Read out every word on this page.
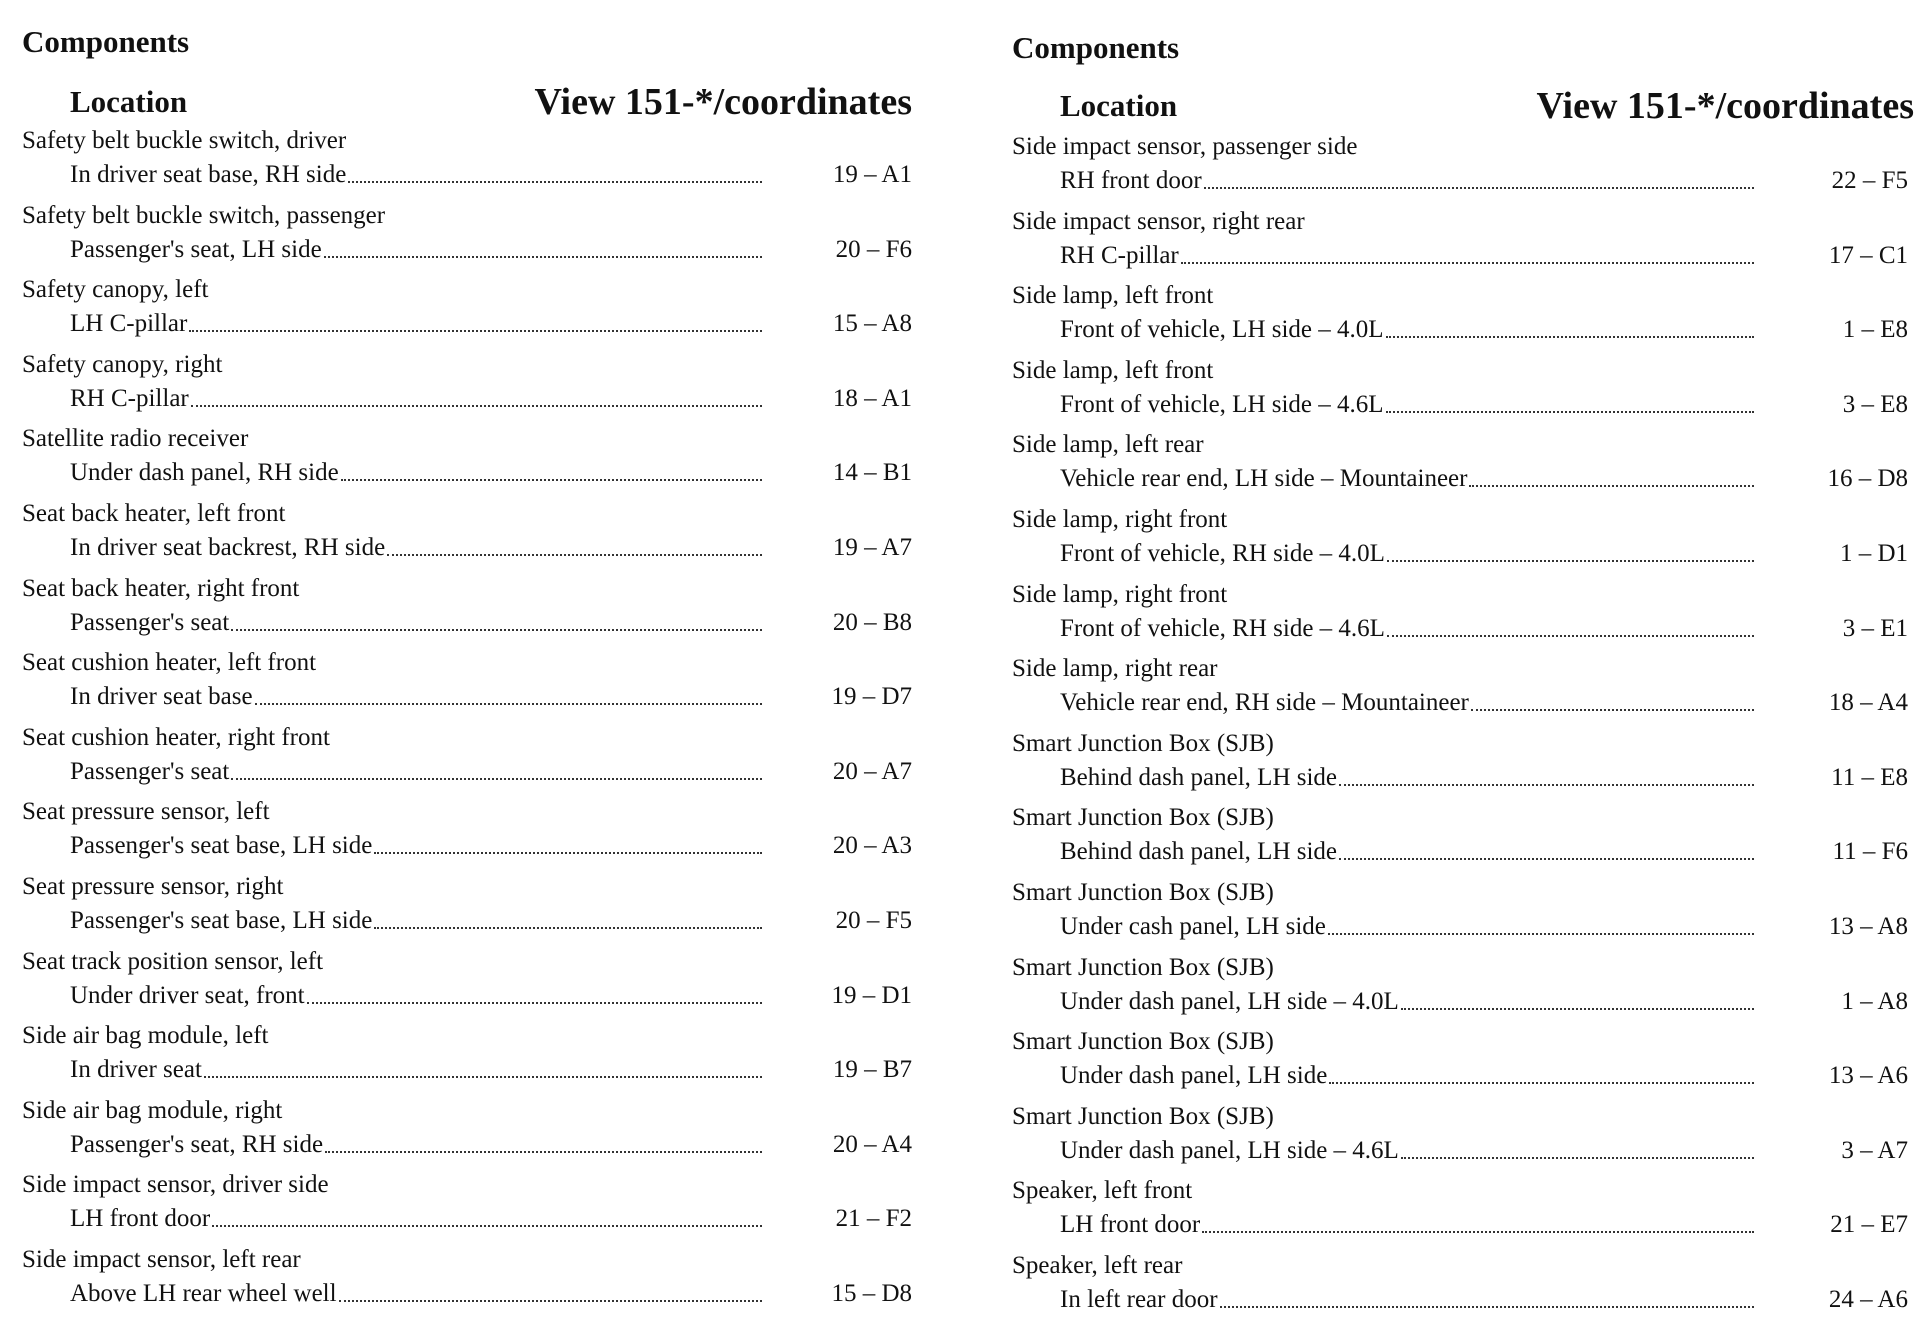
Components
Location	View 151-*/coordinates
Safety belt buckle switch, driver
In driver seat base, RH side	19 – A1
Safety belt buckle switch, passenger
Passenger's seat, LH side	20 – F6
Safety canopy, left
LH C-pillar	15 – A8
Safety canopy, right
RH C-pillar	18 – A1
Satellite radio receiver
Under dash panel, RH side	14 – B1
Seat back heater, left front
In driver seat backrest, RH side	19 – A7
Seat back heater, right front
Passenger's seat	20 – B8
Seat cushion heater, left front
In driver seat base	19 – D7
Seat cushion heater, right front
Passenger's seat	20 – A7
Seat pressure sensor, left
Passenger's seat base, LH side	20 – A3
Seat pressure sensor, right
Passenger's seat base, LH side	20 – F5
Seat track position sensor, left
Under driver seat, front	19 – D1
Side air bag module, left
In driver seat	19 – B7
Side air bag module, right
Passenger's seat, RH side	20 – A4
Side impact sensor, driver side
LH front door	21 – F2
Side impact sensor, left rear
Above LH rear wheel well	15 – D8
Components
Location	View 151-*/coordinates
Side impact sensor, passenger side
RH front door	22 – F5
Side impact sensor, right rear
RH C-pillar	17 – C1
Side lamp, left front
Front of vehicle, LH side – 4.0L	1 – E8
Side lamp, left front
Front of vehicle, LH side – 4.6L	3 – E8
Side lamp, left rear
Vehicle rear end, LH side – Mountaineer	16 – D8
Side lamp, right front
Front of vehicle, RH side – 4.0L	1 – D1
Side lamp, right front
Front of vehicle, RH side – 4.6L	3 – E1
Side lamp, right rear
Vehicle rear end, RH side – Mountaineer	18 – A4
Smart Junction Box (SJB)
Behind dash panel, LH side	11 – E8
Smart Junction Box (SJB)
Behind dash panel, LH side	11 – F6
Smart Junction Box (SJB)
Under cash panel, LH side	13 – A8
Smart Junction Box (SJB)
Under dash panel, LH side – 4.0L	1 – A8
Smart Junction Box (SJB)
Under dash panel, LH side	13 – A6
Smart Junction Box (SJB)
Under dash panel, LH side – 4.6L	3 – A7
Speaker, left front
LH front door	21 – E7
Speaker, left rear
In left rear door	24 – A6
